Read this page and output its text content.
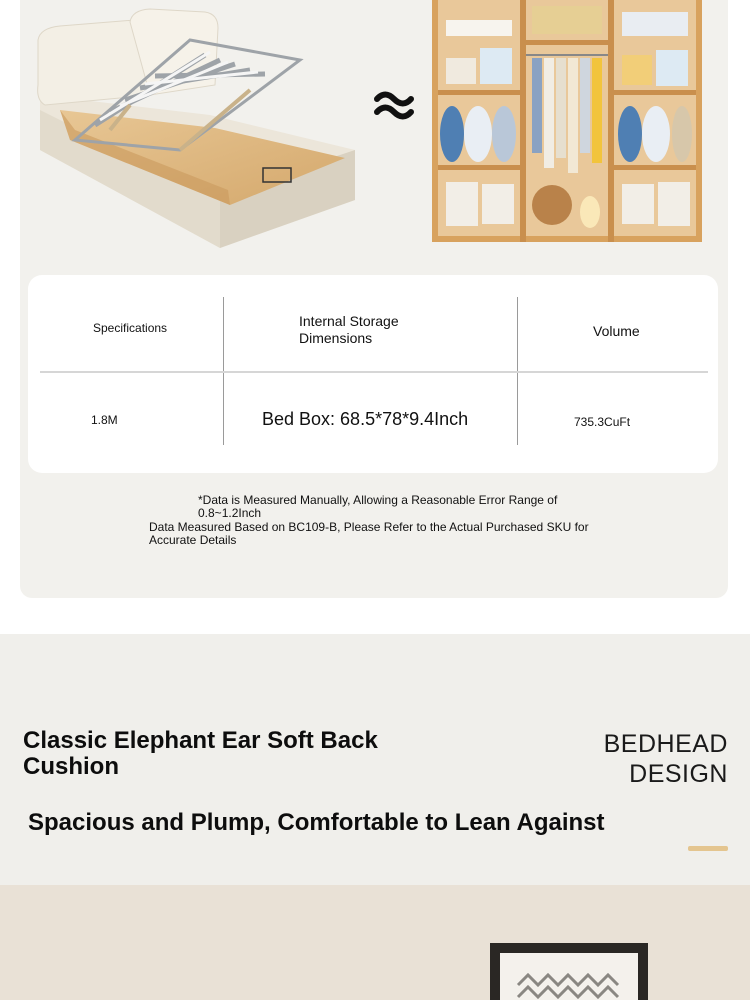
Specifications	Internal Storage Dimensions	Volume
1.8M	Bed Box: 68.5*78*9.4Inch	735.3CuFt
*Data is Measured Manually, Allowing a Reasonable Error Range of 0.8~1.2Inch
Data Measured Based on BC109-B, Please Refer to the Actual Purchased SKU for Accurate Details
Classic Elephant Ear Soft Back Cushion
Spacious and Plump, Comfortable to Lean Against
BEDHEAD
DESIGN
